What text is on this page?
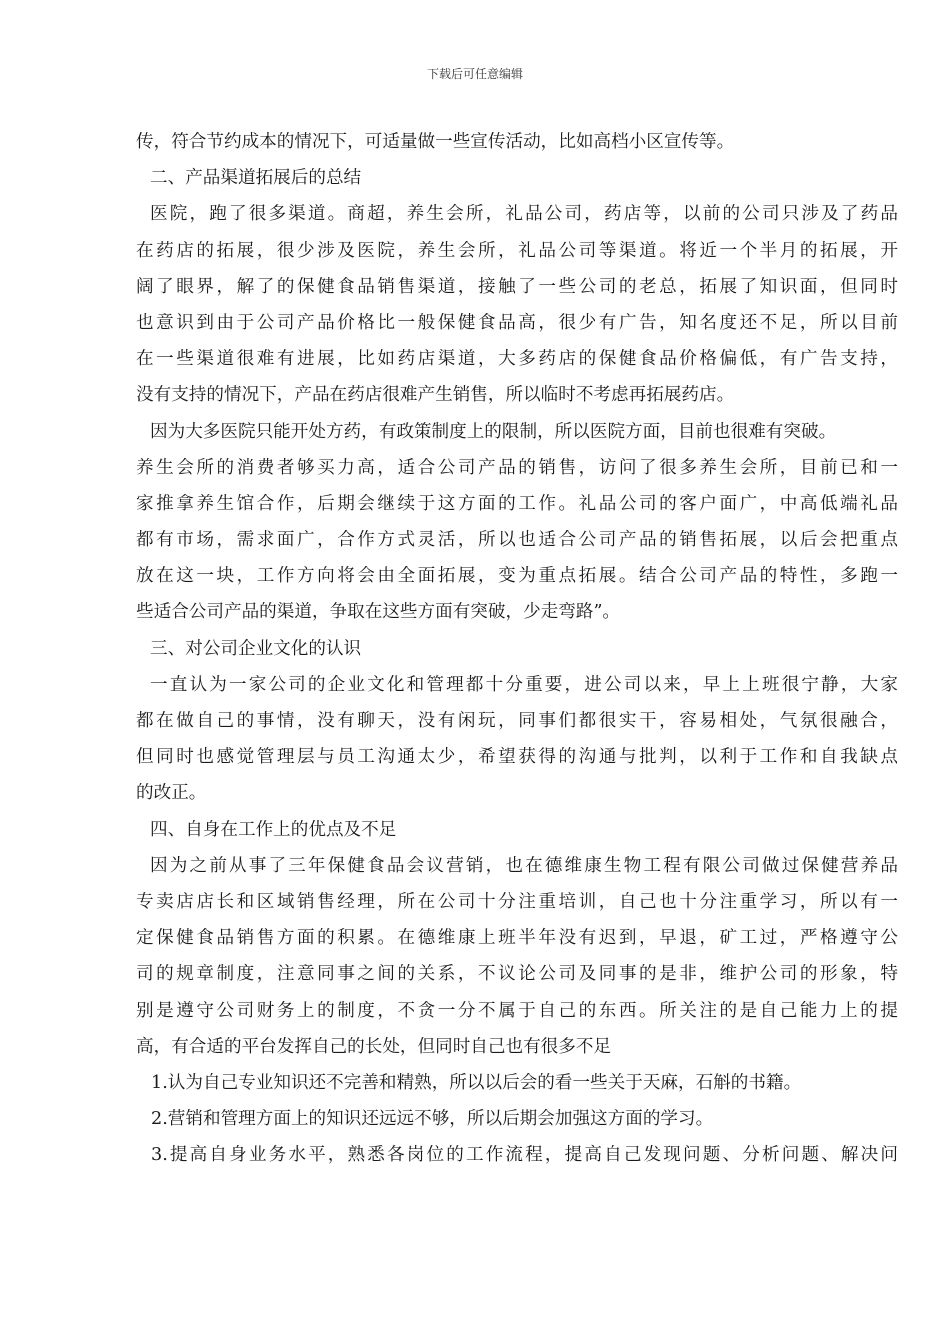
下载后可任意编辑
传，符合节约成本的情况下，可适量做一些宣传活动，比如高档小区宣传等。
二、产品渠道拓展后的总结
医院，跑了很多渠道。商超，养生会所，礼品公司，药店等，以前的公司只涉及了药品
在药店的拓展，很少涉及医院，养生会所，礼品公司等渠道。将近一个半月的拓展，开
阔了眼界，解了的保健食品销售渠道，接触了一些公司的老总，拓展了知识面，但同时
也意识到由于公司产品价格比一般保健食品高，很少有广告，知名度还不足，所以目前
在一些渠道很难有进展，比如药店渠道，大多药店的保健食品价格偏低，有广告支持，
没有支持的情况下，产品在药店很难产生销售，所以临时不考虑再拓展药店。
因为大多医院只能开处方药，有政策制度上的限制，所以医院方面，目前也很难有突破。
养生会所的消费者够买力高，适合公司产品的销售，访问了很多养生会所，目前已和一
家推拿养生馆合作，后期会继续于这方面的工作。礼品公司的客户面广，中高低端礼品
都有市场，需求面广，合作方式灵活，所以也适合公司产品的销售拓展，以后会把重点
放在这一块，工作方向将会由全面拓展，变为重点拓展。结合公司产品的特性，多跑一
些适合公司产品的渠道，争取在这些方面有突破，少走弯路”。
三、对公司企业文化的认识
一直认为一家公司的企业文化和管理都十分重要，进公司以来，早上上班很宁静，大家
都在做自己的事情，没有聊天，没有闲玩，同事们都很实干，容易相处，气氛很融合，
但同时也感觉管理层与员工沟通太少，希望获得的沟通与批判，以利于工作和自我缺点
的改正。
四、自身在工作上的优点及不足
因为之前从事了三年保健食品会议营销，也在德维康生物工程有限公司做过保健营养品
专卖店店长和区域销售经理，所在公司十分注重培训，自己也十分注重学习，所以有一
定保健食品销售方面的积累。在德维康上班半年没有迟到，早退，矿工过，严格遵守公
司的规章制度，注意同事之间的关系，不议论公司及同事的是非，维护公司的形象，特
别是遵守公司财务上的制度，不贪一分不属于自己的东西。所关注的是自己能力上的提
高，有合适的平台发挥自己的长处，但同时自己也有很多不足
1.认为自己专业知识还不完善和精熟，所以以后会的看一些关于天麻，石斛的书籍。
2.营销和管理方面上的知识还远远不够，所以后期会加强这方面的学习。
3.提高自身业务水平，熟悉各岗位的工作流程，提高自己发现问题、分析问题、解决问
